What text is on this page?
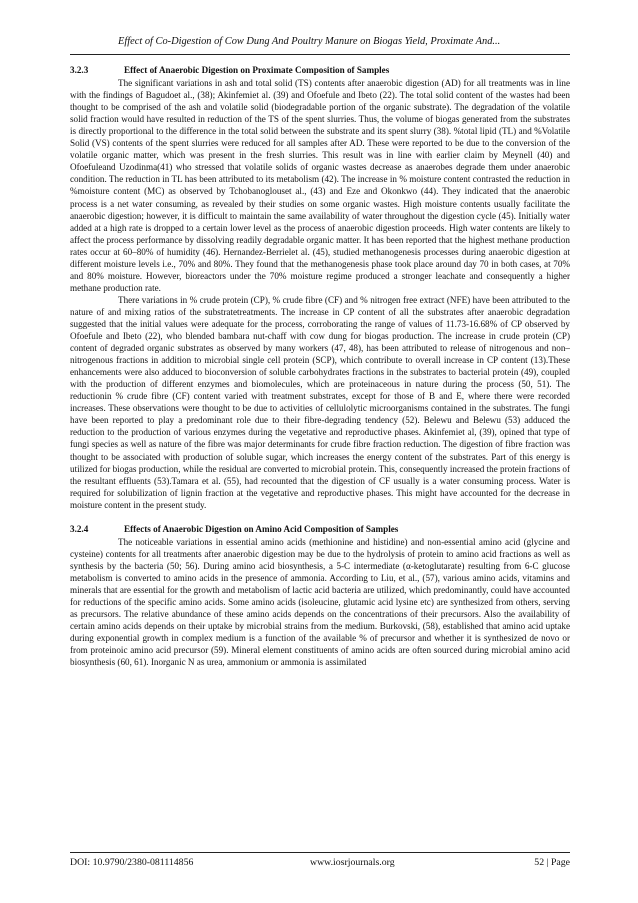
Effect of Co-Digestion of Cow Dung And Poultry Manure on Biogas Yield, Proximate And...
3.2.3	Effect of Anaerobic Digestion on Proximate Composition of Samples

The significant variations in ash and total solid (TS) contents after anaerobic digestion (AD) for all treatments was in line with the findings of Bagudoet al., (38); Akinfemiet al. (39) and Ofoefule and Ibeto (22). The total solid content of the wastes had been thought to be comprised of the ash and volatile solid (biodegradable portion of the organic substrate). The degradation of the volatile solid fraction would have resulted in reduction of the TS of the spent slurries. Thus, the volume of biogas generated from the substrates is directly proportional to the difference in the total solid between the substrate and its spent slurry (38). %total lipid (TL) and %Volatile Solid (VS) contents of the spent slurries were reduced for all samples after AD. These were reported to be due to the conversion of the volatile organic matter, which was present in the fresh slurries. This result was in line with earlier claim by Meynell (40) and Ofoefuleand Uzodinma(41) who stressed that volatile solids of organic wastes decrease as anaerobes degrade them under anaerobic condition. The reduction in TL has been attributed to its metabolism (42). The increase in % moisture content contrasted the reduction in %moisture content (MC) as observed by Tchobanoglouset al., (43) and Eze and Okonkwo (44). They indicated that the anaerobic process is a net water consuming, as revealed by their studies on some organic wastes. High moisture contents usually facilitate the anaerobic digestion; however, it is difficult to maintain the same availability of water throughout the digestion cycle (45). Initially water added at a high rate is dropped to a certain lower level as the process of anaerobic digestion proceeds. High water contents are likely to affect the process performance by dissolving readily degradable organic matter. It has been reported that the highest methane production rates occur at 60–80% of humidity (46). Hernandez-Berrielet al. (45), studied methanogenesis processes during anaerobic digestion at different moisture levels i.e., 70% and 80%. They found that the methanogenesis phase took place around day 70 in both cases, at 70% and 80% moisture. However, bioreactors under the 70% moisture regime produced a stronger leachate and consequently a higher methane production rate.

There variations in % crude protein (CP), % crude fibre (CF) and % nitrogen free extract (NFE) have been attributed to the nature of and mixing ratios of the substratetreatments. The increase in CP content of all the substrates after anaerobic degradation suggested that the initial values were adequate for the process, corroborating the range of values of 11.73-16.68% of CP observed by Ofoefule and Ibeto (22), who blended bambara nut-chaff with cow dung for biogas production. The increase in crude protein (CP) content of degraded organic substrates as observed by many workers (47, 48), has been attributed to release of nitrogenous and non–nitrogenous fractions in addition to microbial single cell protein (SCP), which contribute to overall increase in CP content (13).These enhancements were also adduced to bioconversion of soluble carbohydrates fractions in the substrates to bacterial protein (49), coupled with the production of different enzymes and biomolecules, which are proteinaceous in nature during the process (50, 51). The reductionin % crude fibre (CF) content varied with treatment substrates, except for those of B and E, where there were recorded increases. These observations were thought to be due to activities of cellulolytic microorganisms contained in the substrates. The fungi have been reported to play a predominant role due to their fibre-degrading tendency (52). Belewu and Belewu (53) adduced the reduction to the production of various enzymes during the vegetative and reproductive phases. Akinfemiet al, (39), opined that type of fungi species as well as nature of the fibre was major determinants for crude fibre fraction reduction. The digestion of fibre fraction was thought to be associated with production of soluble sugar, which increases the energy content of the substrates. Part of this energy is utilized for biogas production, while the residual are converted to microbial protein. This, consequently increased the protein fractions of the resultant effluents (53).Tamara et al. (55), had recounted that the digestion of CF usually is a water consuming process. Water is required for solubilization of lignin fraction at the vegetative and reproductive phases. This might have accounted for the decrease in moisture content in the present study.

3.2.4	Effects of Anaerobic Digestion on Amino Acid Composition of Samples

The noticeable variations in essential amino acids (methionine and histidine) and non-essential amino acid (glycine and cysteine) contents for all treatments after anaerobic digestion may be due to the hydrolysis of protein to amino acid fractions as well as synthesis by the bacteria (50; 56). During amino acid biosynthesis, a 5-C intermediate (α-ketoglutarate) resulting from 6-C glucose metabolism is converted to amino acids in the presence of ammonia. According to Liu, et al., (57), various amino acids, vitamins and minerals that are essential for the growth and metabolism of lactic acid bacteria are utilized, which predominantly, could have accounted for reductions of the specific amino acids. Some amino acids (isoleucine, glutamic acid lysine etc) are synthesized from others, serving as precursors. The relative abundance of these amino acids depends on the concentrations of their precursors. Also the availability of certain amino acids depends on their uptake by microbial strains from the medium. Burkovski, (58), established that amino acid uptake during exponential growth in complex medium is a function of the available % of precursor and whether it is synthesized de novo or from proteinoic amino acid precursor (59). Mineral element constituents of amino acids are often sourced during microbial amino acid biosynthesis (60, 61). Inorganic N as urea, ammonium or ammonia is assimilated

DOI: 10.9790/2380-081114856	www.iosrjournals.org	52 | Page
